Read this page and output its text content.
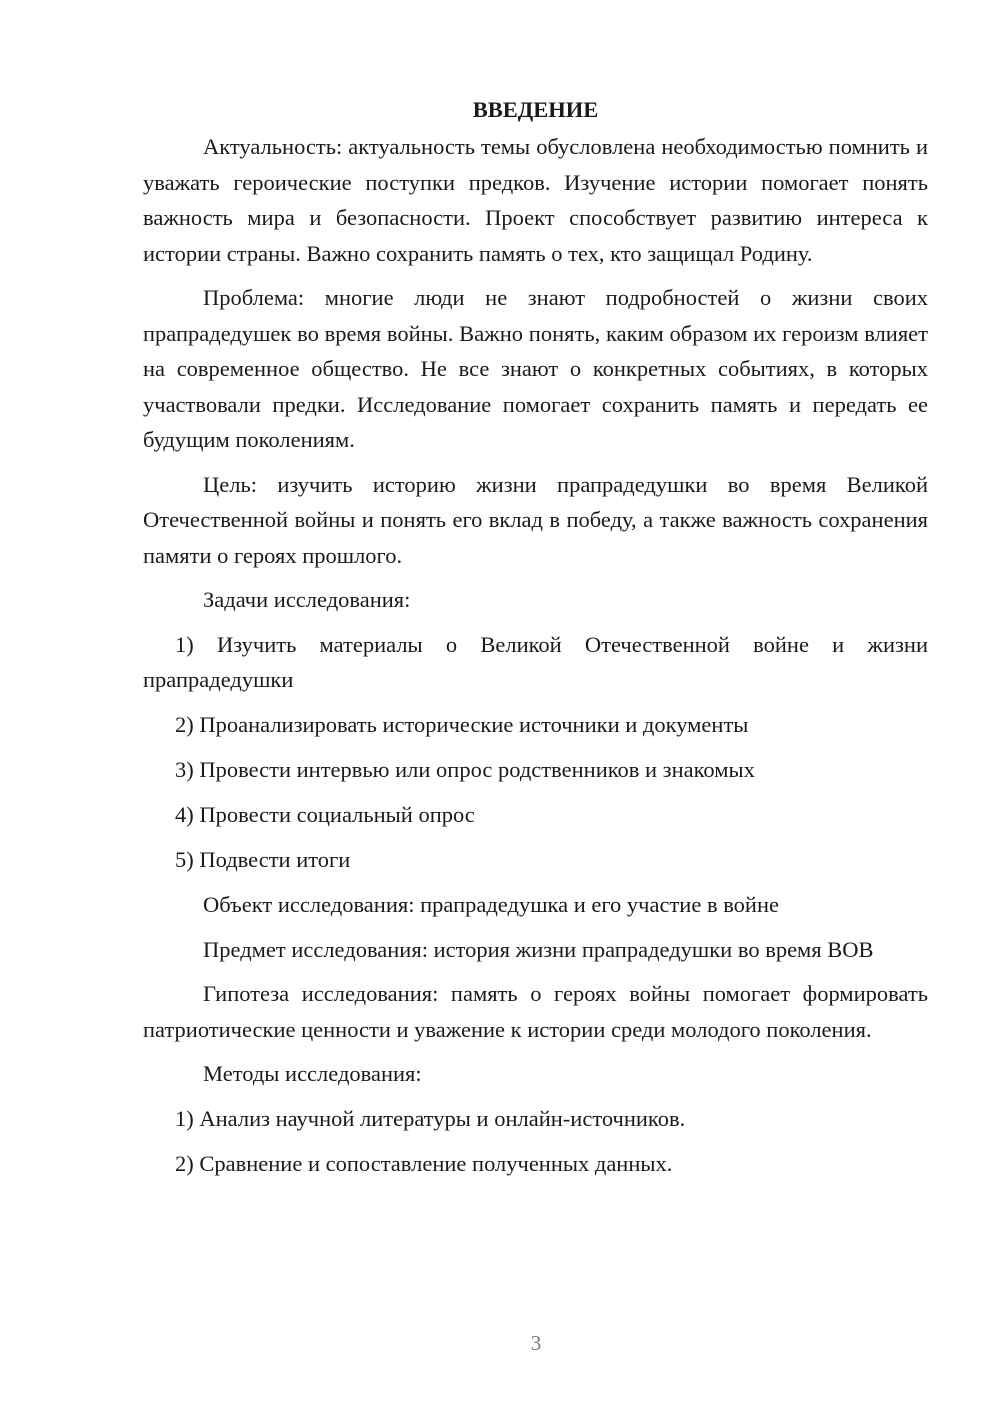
ВВЕДЕНИЕ

Актуальность: актуальность темы обусловлена необходимостью помнить и уважать героические поступки предков. Изучение истории помогает понять важность мира и безопасности. Проект способствует развитию интереса к истории страны. Важно сохранить память о тех, кто защищал Родину.

Проблема: многие люди не знают подробностей о жизни своих прапрадедушек во время войны. Важно понять, каким образом их героизм влияет на современное общество. Не все знают о конкретных событиях, в которых участвовали предки. Исследование помогает сохранить память и передать ее будущим поколениям.

Цель: изучить историю жизни прапрадедушки во время Великой Отечественной войны и понять его вклад в победу, а также важность сохранения памяти о героях прошлого.

Задачи исследования:

1) Изучить материалы о Великой Отечественной войне и жизни прапрадедушки

2) Проанализировать исторические источники и документы

3) Провести интервью или опрос родственников и знакомых

4) Провести социальный опрос

5) Подвести итоги

Объект исследования: прапрадедушка и его участие в войне

Предмет исследования: история жизни прапрадедушки во время ВОВ

Гипотеза исследования: память о героях войны помогает формировать патриотические ценности и уважение к истории среди молодого поколения.

Методы исследования:

1) Анализ научной литературы и онлайн-источников.

2) Сравнение и сопоставление полученных данных.

3
